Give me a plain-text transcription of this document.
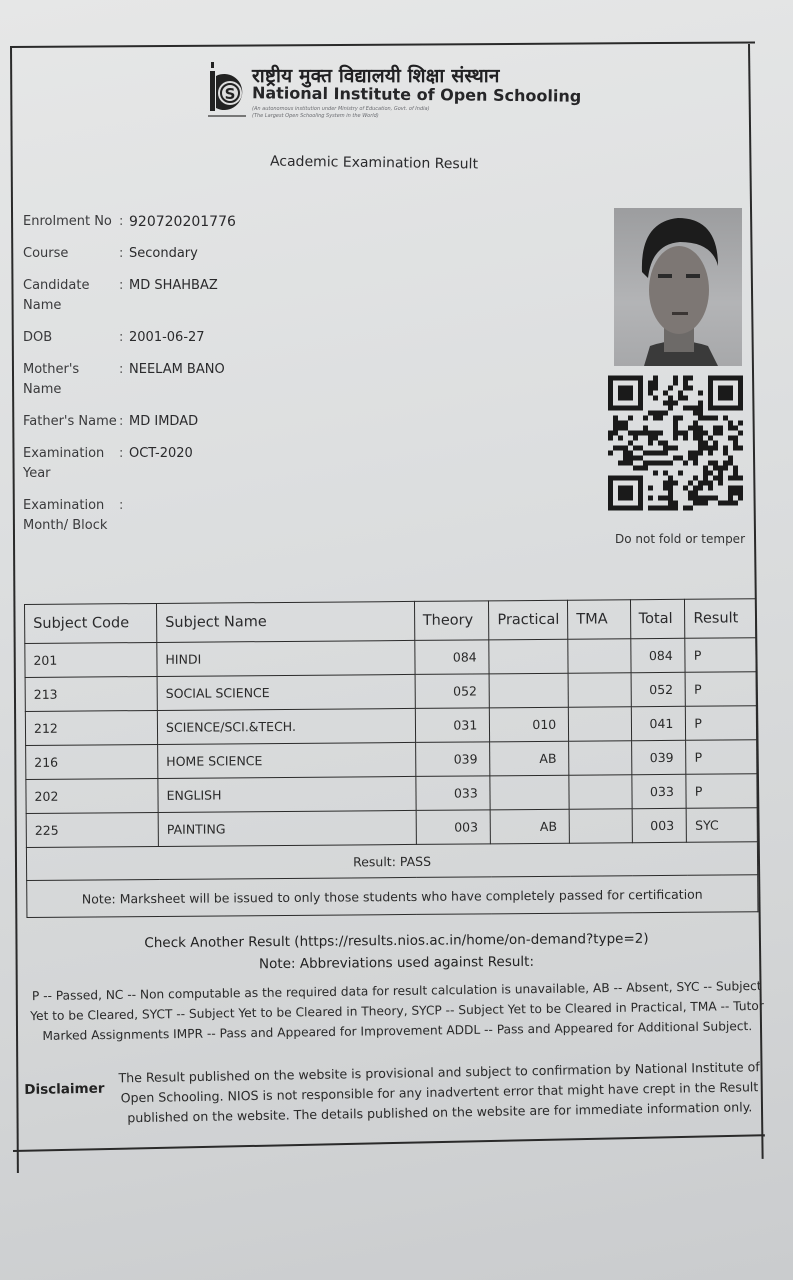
S
राष्ट्रीय मुक्त विद्यालयी शिक्षा संस्थान
National Institute of Open Schooling
(An autonomous institution under Ministry of Education, Govt. of India)
(The Largest Open Schooling System in the World)
Academic Examination Result
Enrolment No : 920720201776
Course	: Secondary
Candidate Name: MD SHAHBAZ
DOB	: 2001-06-27
Mother's Name: NEELAM BANO
Father's Name : MD IMDAD
Examination Year: OCT-2020
Examination Month/ Block:
Do not fold or temper
Subject Code	Subject Name	Theory	Practical	TMA	Total	Result
201	HINDI	084			084	P
213	SOCIAL SCIENCE	052			052	P
212	SCIENCE/SCI.&TECH.	031	010		041	P
216	HOME SCIENCE	039	AB		039	P
202	ENGLISH	033			033	P
225	PAINTING	003	AB		003	SYC
Result: PASS						
Note: Marksheet will be issued to only those students who have completely passed for certification						
Check Another Result (https://results.nios.ac.in/home/on-demand?type=2)
Note: Abbreviations used against Result:
P -- Passed, NC -- Non computable as the required data for result calculation is unavailable, AB -- Absent, SYC -- Subject Yet to be Cleared, SYCT -- Subject Yet to be Cleared in Theory, SYCP -- Subject Yet to be Cleared in Practical, TMA -- Tutor Marked Assignments IMPR -- Pass and Appeared for Improvement ADDL -- Pass and Appeared for Additional Subject.
Disclaimer
The Result published on the website is provisional and subject to confirmation by National Institute of Open Schooling. NIOS is not responsible for any inadvertent error that might have crept in the Result published on the website. The details published on the website are for immediate information only.
